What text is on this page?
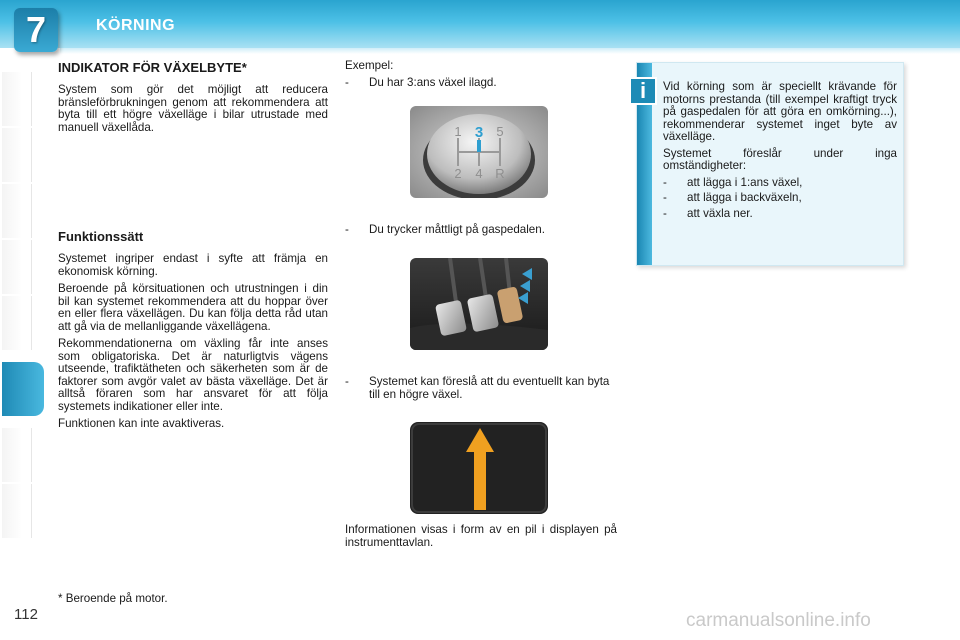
7	KÖRNING
INDIKATOR FÖR VÄXELBYTE*

System som gör det möjligt att reducera bränsleförbrukningen genom att rekommendera att byta till ett högre växelläge i bilar utrustade med manuell växellåda.

Funktionssätt

Systemet ingriper endast i syfte att främja en ekonomisk körning.

Beroende på körsituationen och utrustningen i din bil kan systemet rekommendera att du hoppar över en eller flera växellägen. Du kan följa detta råd utan att gå via de mellanliggande växellägena.

Rekommendationerna om växling får inte anses som obligatoriska. Det är naturligtvis vägens utseende, trafiktätheten och säkerheten som är de faktorer som avgör valet av bästa växelläge. Det är alltså föraren som har ansvaret för att följa systemets indikationer eller inte.

Funktionen kan inte avaktiveras.

Exempel:

- Du har 3:ans växel ilagd.
1 3 5
2 4 R
- Du trycker måttligt på gaspedalen.
- Systemet kan föreslå att du eventuellt kan byta till en högre växel.

Informationen visas i form av en pil i displayen på instrumenttavlan.

i	Vid körning som är speciellt krävande för motorns prestanda (till exempel kraftigt tryck på gaspedalen för att göra en omkörning...), rekommenderar systemet inget byte av växelläge.

Systemet föreslår under inga omständigheter:

- att lägga i 1:ans växel,
- att lägga i backväxeln,
- att växla ner.
* Beroende på motor.
112	carmanualsonline.info
